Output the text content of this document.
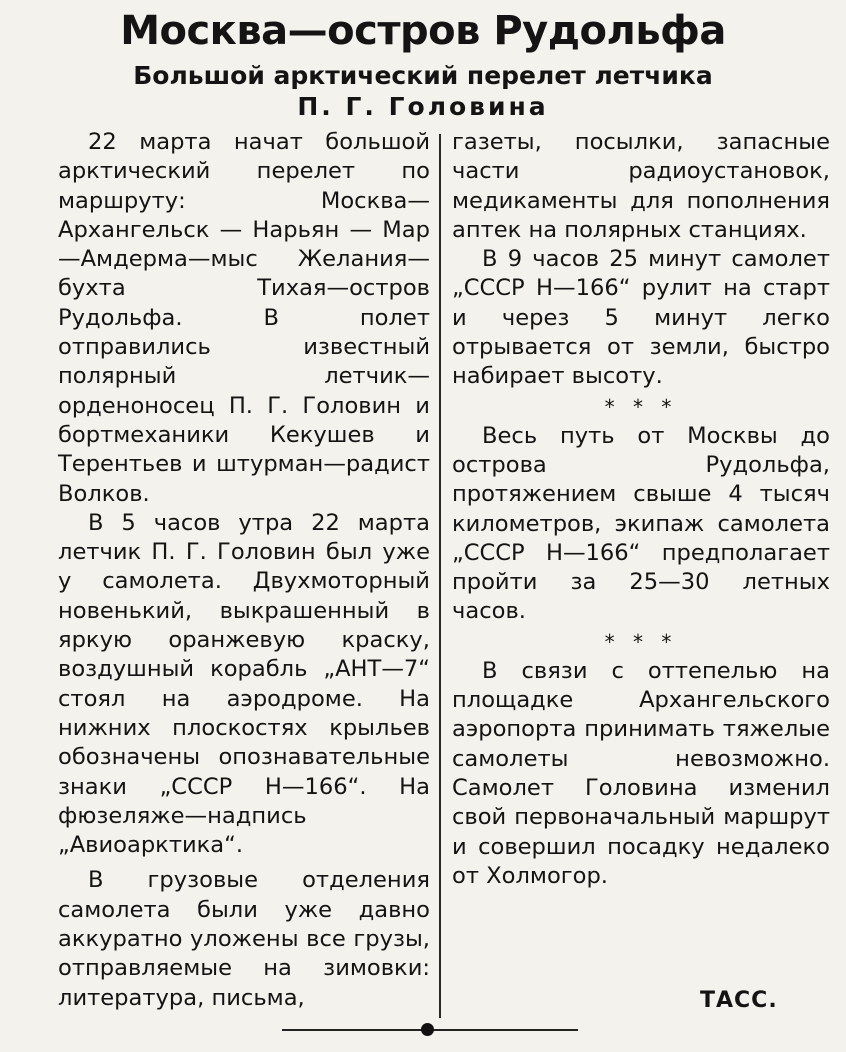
Москва—остров Рудольфа
Большой арктический перелет летчика
П. Г. Головина

22 марта начат большой арктический перелет по маршруту: Москва—Архангельск — Нарьян — Мар—Амдерма—мыс Желания—бухта Тихая—остров Рудольфа. В полет отправились известный полярный летчик—орденоносец П. Г. Головин и бортмеханики Кекушев и Терентьев и штурман—радист Волков.

В 5 часов утра 22 марта летчик П. Г. Головин был уже у самолета. Двухмоторный новенький, выкрашенный в яркую оранжевую краску, воздушный корабль „АНТ—7“ стоял на аэродроме. На нижних плоскостях крыльев обозначены опознавательные знаки „СССР Н—166“. На фюзеляже—надпись „Авиоарктика“.

В грузовые отделения самолета были уже давно аккуратно уложены все грузы, отправляемые на зимовки: литература, письма,

газеты, посылки, запасные части радиоустановок, медикаменты для пополнения аптек на полярных станциях.

В 9 часов 25 минут самолет „СССР Н—166“ рулит на старт и через 5 минут легко отрывается от земли, быстро набирает высоту.

* * *

Весь путь от Москвы до острова Рудольфа, протяжением свыше 4 тысяч километров, экипаж самолета „СССР Н—166“ предполагает пройти за 25—30 летных часов.

* * *

В связи с оттепелью на площадке Архангельского аэропорта принимать тяжелые самолеты невозможно. Самолет Головина изменил свой первоначальный маршрут и совершил посадку недалеко от Холмогор.

ТАСС.
